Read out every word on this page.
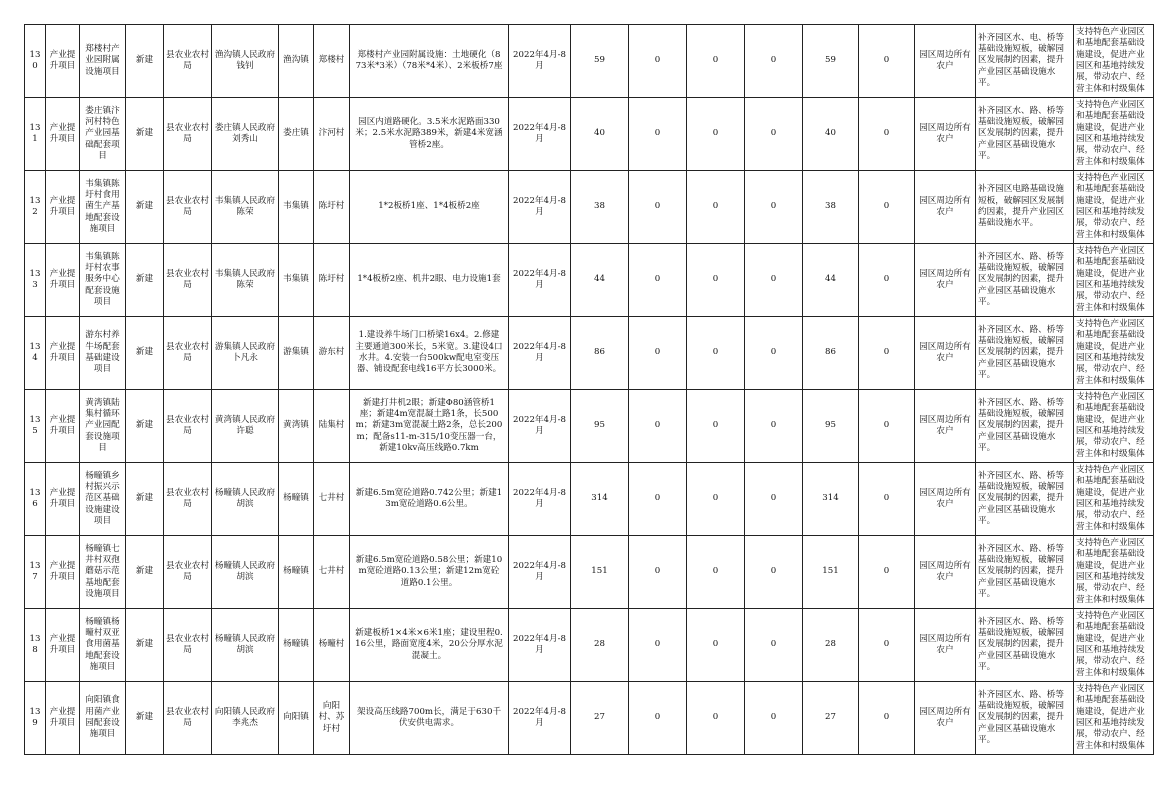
130	产业提升项目	郑楼村产业园附属设施项目	新建	县农业农村局	渔沟镇人民政府 钱钊	渔沟镇	郑楼村	郑楼村产业园附属设施：土地硬化（873米*3米）（78米*4米）、2米板桥7座	2022年4月-8月	59	0	0	0	59	0	园区周边所有农户	补齐园区水、电、桥等基础设施短板，破解园区发展制约因素，提升产业园区基础设施水平。	支持特色产业园区和基地配套基础设施建设，促进产业园区和基地持续发展，带动农户、经营主体和村级集体

131	产业提升项目	娄庄镇汴河村特色产业园基础配套项目	新建	县农业农村局	娄庄镇人民政府 刘秀山	娄庄镇	汴河村	园区内道路硬化。3.5米水泥路面330米；2.5米水泥路389米，新建4米宽涵管桥2座。	2022年4月-8月	40	0	0	0	40	0	园区周边所有农户	补齐园区水、路、桥等基础设施短板，破解园区发展制约因素，提升产业园区基础设施水平。	支持特色产业园区和基地配套基础设施建设，促进产业园区和基地持续发展，带动农户、经营主体和村级集体

132	产业提升项目	韦集镇陈圩村食用菌生产基地配套设施项目	新建	县农业农村局	韦集镇人民政府 陈荣	韦集镇	陈圩村	1*2板桥1座、1*4板桥2座	2022年4月-8月	38	0	0	0	38	0	园区周边所有农户	补齐园区电路基础设施短板，破解园区发展制约因素，提升产业园区基础设施水平。	支持特色产业园区和基地配套基础设施建设，促进产业园区和基地持续发展，带动农户、经营主体和村级集体

133	产业提升项目	韦集镇陈圩村农事服务中心配套设施项目	新建	县农业农村局	韦集镇人民政府 陈荣	韦集镇	陈圩村	1*4板桥2座、机井2眼、电力设施1套	2022年4月-8月	44	0	0	0	44	0	园区周边所有农户	补齐园区水、路、桥等基础设施短板，破解园区发展制约因素，提升产业园区基础设施水平。	支持特色产业园区和基地配套基础设施建设，促进产业园区和基地持续发展，带动农户、经营主体和村级集体

134	产业提升项目	游东村养牛场配套基础建设项目	新建	县农业农村局	游集镇人民政府 卜凡永	游集镇	游东村	1.建设养牛场门口桥梁16x4。2.修建主要通道300米长，5米宽。3.建设4口水井。4.安装一台500kw配电室变压器、铺设配套电线16平方长3000米。	2022年4月-8月	86	0	0	0	86	0	园区周边所有农户	补齐园区水、路、桥等基础设施短板，破解园区发展制约因素，提升产业园区基础设施水平。	支持特色产业园区和基地配套基础设施建设，促进产业园区和基地持续发展，带动农户、经营主体和村级集体

135	产业提升项目	黄湾镇陆集村循环产业园配套设施项目	新建	县农业农村局	黄湾镇人民政府 许聪	黄湾镇	陆集村	新建打井机2眼；新建Φ80涵管桥1座；新建4m宽混凝土路1条，长500m；新建3m宽混凝土路2条，总长200m；配备s11-m-315/10变压器一台，新建10kv高压线路0.7km	2022年4月-8月	95	0	0	0	95	0	园区周边所有农户	补齐园区水、路、桥等基础设施短板，破解园区发展制约因素，提升产业园区基础设施水平。	支持特色产业园区和基地配套基础设施建设，促进产业园区和基地持续发展，带动农户、经营主体和村级集体

136	产业提升项目	杨疃镇乡村振兴示范区基础设施建设项目	新建	县农业农村局	杨疃镇人民政府 胡滨	杨疃镇	七井村	新建6.5m宽砼道路0.742公里；新建13m宽砼道路0.6公里。	2022年4月-8月	314	0	0	0	314	0	园区周边所有农户	补齐园区水、路、桥等基础设施短板，破解园区发展制约因素，提升产业园区基础设施水平。	支持特色产业园区和基地配套基础设施建设，促进产业园区和基地持续发展，带动农户、经营主体和村级集体

137	产业提升项目	杨疃镇七井村双孢蘑菇示范基地配套设施项目	新建	县农业农村局	杨疃镇人民政府 胡滨	杨疃镇	七井村	新建6.5m宽砼道路0.58公里；新建10m宽砼道路0.13公里；新建12m宽砼道路0.1公里。	2022年4月-8月	151	0	0	0	151	0	园区周边所有农户	补齐园区水、路、桥等基础设施短板，破解园区发展制约因素，提升产业园区基础设施水平。	支持特色产业园区和基地配套基础设施建设，促进产业园区和基地持续发展，带动农户、经营主体和村级集体

138	产业提升项目	杨疃镇杨疃村双亚食用菌基地配套设施项目	新建	县农业农村局	杨疃镇人民政府 胡滨	杨疃镇	杨疃村	新建板桥1×4米×6米1座；建设里程0.16公里，路面宽度4米，20公分厚水泥混凝土。	2022年4月-8月	28	0	0	0	28	0	园区周边所有农户	补齐园区水、路、桥等基础设施短板，破解园区发展制约因素，提升产业园区基础设施水平。	支持特色产业园区和基地配套基础设施建设，促进产业园区和基地持续发展，带动农户、经营主体和村级集体

139	产业提升项目	向阳镇食用菌产业园配套设施项目	新建	县农业农村局	向阳镇人民政府 李兆杰	向阳镇	向阳村、苏圩村	架设高压线路700m长，满足于630千伏安供电需求。	2022年4月-8月	27	0	0	0	27	0	园区周边所有农户	补齐园区水、路、桥等基础设施短板，破解园区发展制约因素，提升产业园区基础设施水平。	支持特色产业园区和基地配套基础设施建设，促进产业园区和基地持续发展，带动农户、经营主体和村级集体
